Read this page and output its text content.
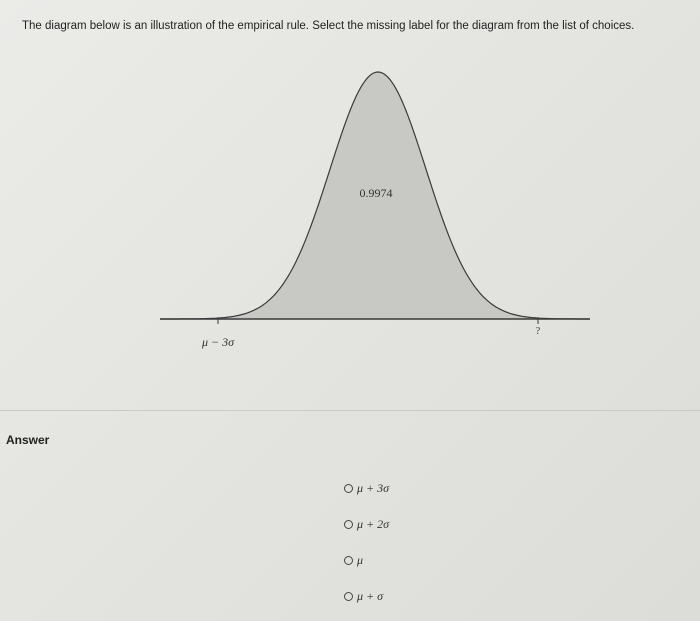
The diagram below is an illustration of the empirical rule. Select the missing label for the diagram from the list of choices.
0.9974
μ − 3σ
?
Answer
μ + 3σ
μ + 2σ
μ
μ + σ
